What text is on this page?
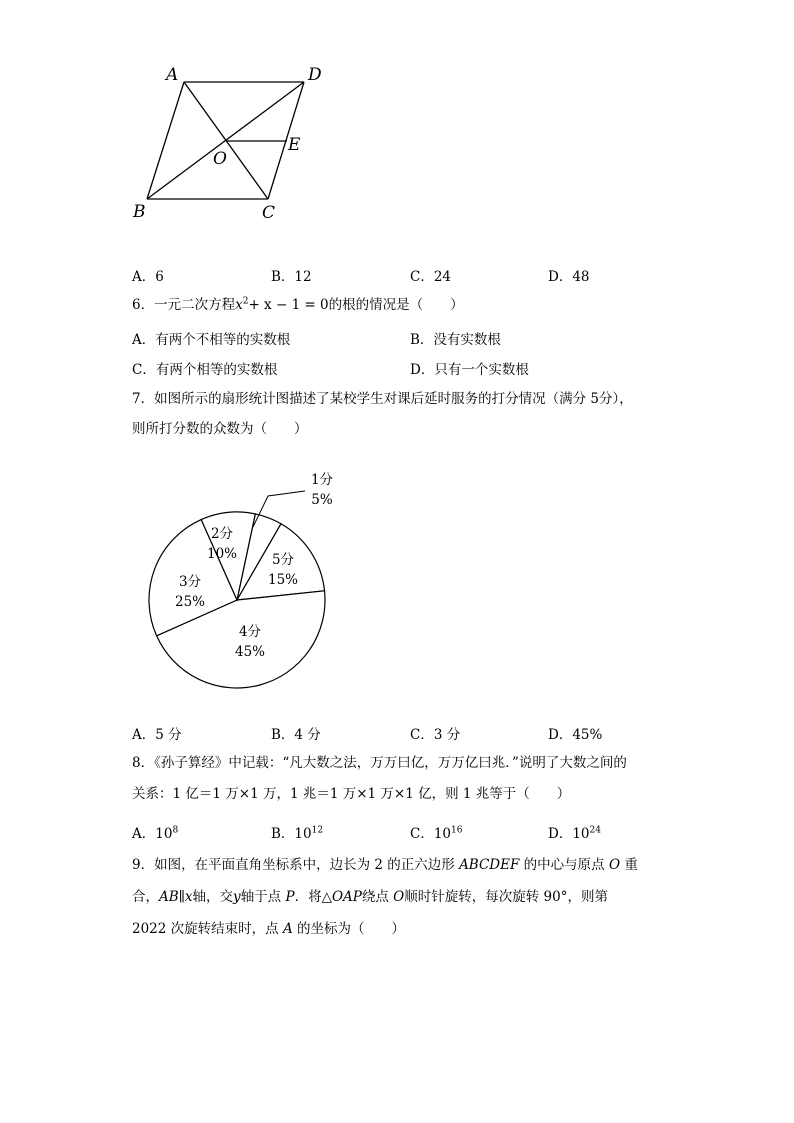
A	D
E
O
B	C
A．6	B．12	C．24	D．48
6．一元二次方程$x^2+ x - 1 = 0$的根的情况是（　　）
A．有两个不相等的实数根	B．没有实数根
C．有两个相等的实数根	D．只有一个实数根
7．如图所示的扇形统计图描述了某校学生对课后延时服务的打分情况（满分 5分），
则所打分数的众数为（　　）
1分
5%
5分
15%
4分
45%
3分
25%
2分
10%
A．5 分	B．4 分	C．3 分	D．45%
8．《孙子算经》中记载：“凡大数之法，万万曰亿，万万亿曰兆．”说明了大数之间的
关系：1 亿＝1 万×1 万，1 兆＝1 万×1 万×1 亿，则 1 兆等于（　　）
A．$10^8$	B．$10^{12}$	C．$10^{16}$	D．$10^{24}$
9．如图，在平面直角坐标系中，边长为 2 的正六边形 ABCDEF 的中心与原点 O 重
合，AB∥x轴，交y轴于点 P．将△OAP绕点 O顺时针旋转，每次旋转 90°，则第
2022 次旋转结束时，点 A 的坐标为（　　）
